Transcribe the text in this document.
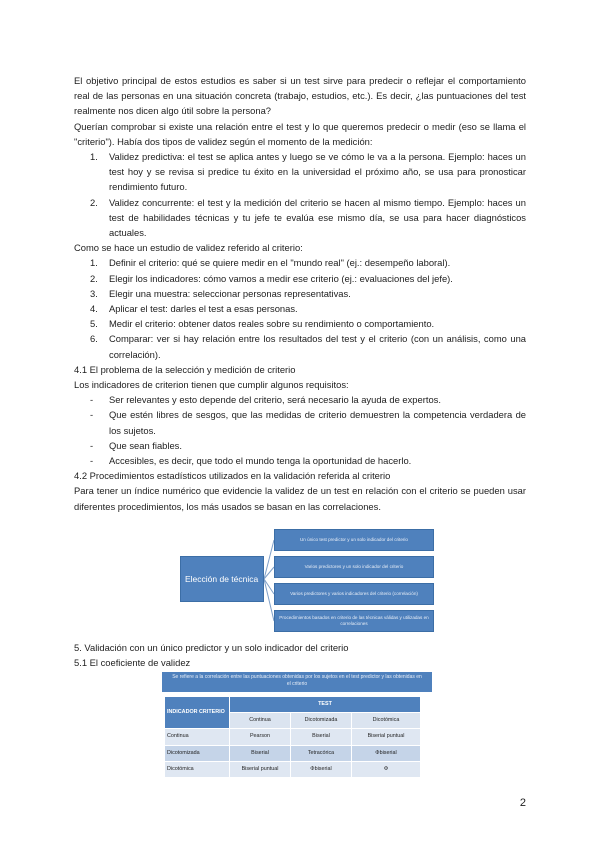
El objetivo principal de estos estudios es saber si un test sirve para predecir o reflejar el comportamiento real de las personas en una situación concreta (trabajo, estudios, etc.). Es decir, ¿las puntuaciones del test realmente nos dicen algo útil sobre la persona?

Querían comprobar si existe una relación entre el test y lo que queremos predecir o medir (eso se llama el "criterio"). Había dos tipos de validez según el momento de la medición:

1. Validez predictiva: el test se aplica antes y luego se ve cómo le va a la persona. Ejemplo: haces un test hoy y se revisa si predice tu éxito en la universidad el próximo año, se usa para pronosticar rendimiento futuro.
2. Validez concurrente: el test y la medición del criterio se hacen al mismo tiempo. Ejemplo: haces un test de habilidades técnicas y tu jefe te evalúa ese mismo día, se usa para hacer diagnósticos actuales.

Como se hace un estudio de validez referido al criterio:

1. Definir el criterio: qué se quiere medir en el "mundo real" (ej.: desempeño laboral).
2. Elegir los indicadores: cómo vamos a medir ese criterio (ej.: evaluaciones del jefe).
3. Elegir una muestra: seleccionar personas representativas.
4. Aplicar el test: darles el test a esas personas.
5. Medir el criterio: obtener datos reales sobre su rendimiento o comportamiento.
6. Comparar: ver si hay relación entre los resultados del test y el criterio (con un análisis, como una correlación).

4.1 El problema de la selección y medición de criterio

Los indicadores de criterion tienen que cumplir algunos requisitos:

- Ser relevantes y esto depende del criterio, será necesario la ayuda de expertos.
- Que estén libres de sesgos, que las medidas de criterio demuestren la competencia verdadera de los sujetos.
- Que sean fiables.
- Accesibles, es decir, que todo el mundo tenga la oportunidad de hacerlo.

4.2 Procedimientos estadísticos utilizados en la validación referida al criterio

Para tener un índice numérico que evidencie la validez de un test en relación con el criterio se pueden usar diferentes procedimientos, los más usados se basan en las correlaciones.

Elección de técnica
Un único test predictor y un solo indicador del criterio
Varios predictores y un solo indicador del criterio
Varios predictores y varios indicadores del criterio (correlación)
Procedimientos basados en criterio de las técnicas válidas y utilizadas en correlaciones

5. Validación con un único predictor y un solo indicador del criterio

5.1 El coeficiente de validez

Se refiere a la correlación entre las puntuaciones obtenidas por los sujetos en el test predictor y las obtenidas en el criterio
INDICADOR CRITERIO	TEST		
	Continua	Dicotomizada	Dicotómica
Continua	Pearson	Biserial	Biserial puntual
Dicotomizada	Biserial	Tetracórica	Φbiserial
Dicotómica	Biserial puntual	Φbiserial	Φ
2
